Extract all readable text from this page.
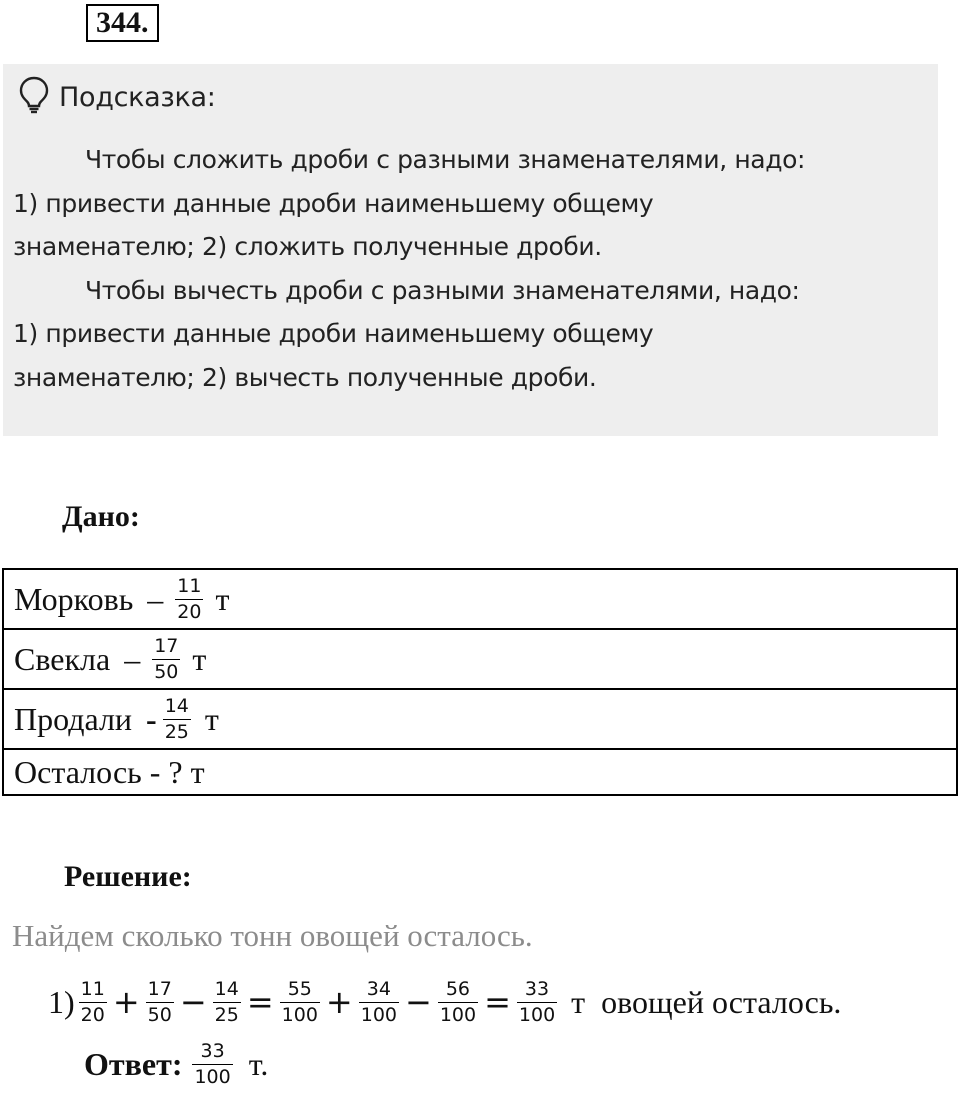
344.
Подсказка:

Чтобы сложить дроби с разными знаменателями, надо:

1) привести данные дроби наименьшему общему

знаменателю; 2) сложить полученные дроби.

Чтобы вычесть дроби с разными знаменателями, надо:

1) привести данные дроби наименьшему общему

знаменателю; 2) вычесть полученные дроби.

Дано:
Морковь – $\frac{11}{20}$ т
Свекла – $\frac{17}{50}$ т
Продали - $\frac{14}{25}$ т
Осталось - ? т
Решение:
Найдем сколько тонн овощей осталось.
$1) \frac{11}{20} + \frac{17}{50} - \frac{14}{25} = \frac{55}{100} + \frac{34}{100} - \frac{56}{100} = \frac{33}{100}$ т  овощей осталось.
Ответ: $\frac{33}{100} т$.
